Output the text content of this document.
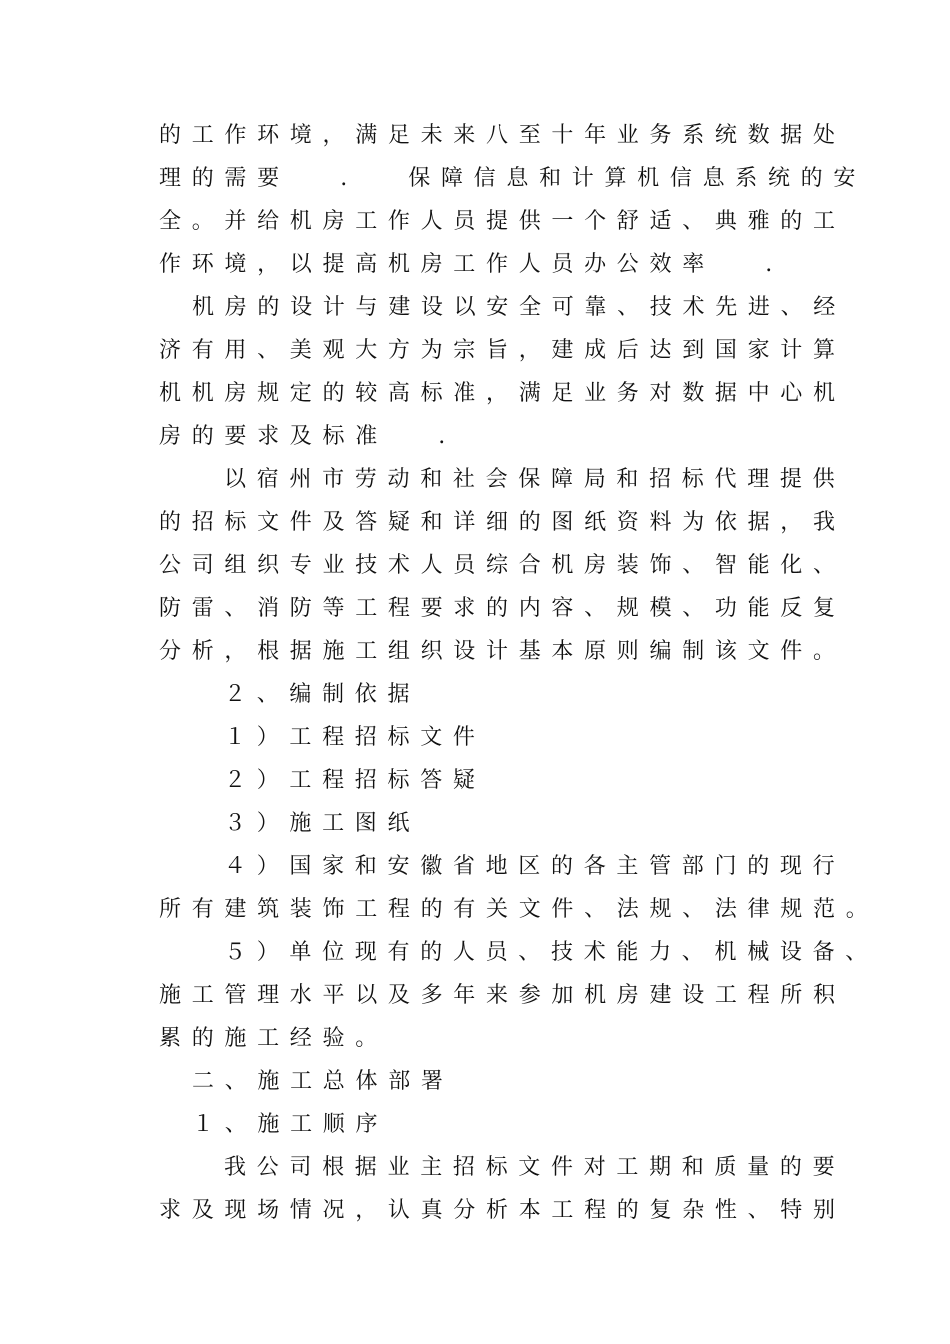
的工作环境，满足未来八至十年业务系统数据处
理的需要　 .　 保障信息和计算机信息系统的安
全。并给机房工作人员提供一个舒适、典雅的工
作环境，以提高机房工作人员办公效率　 .
机房的设计与建设以安全可靠、技术先进、经
济有用、美观大方为宗旨，建成后达到国家计算
机机房规定的较高标准，满足业务对数据中心机
房的要求及标准　 .
以宿州市劳动和社会保障局和招标代理提供
的招标文件及答疑和详细的图纸资料为依据，我
公司组织专业技术人员综合机房装饰、智能化、
防雷、消防等工程要求的内容、规模、功能反复
分析，根据施工组织设计基本原则编制该文件。
２、编制依据
１）工程招标文件
２）工程招标答疑
３）施工图纸
４）国家和安徽省地区的各主管部门的现行
所有建筑装饰工程的有关文件、法规、法律规范。
５）单位现有的人员、技术能力、机械设备、
施工管理水平以及多年来参加机房建设工程所积
累的施工经验。
二、施工总体部署
１、施工顺序
我公司根据业主招标文件对工期和质量的要
求及现场情况，认真分析本工程的复杂性、特别
